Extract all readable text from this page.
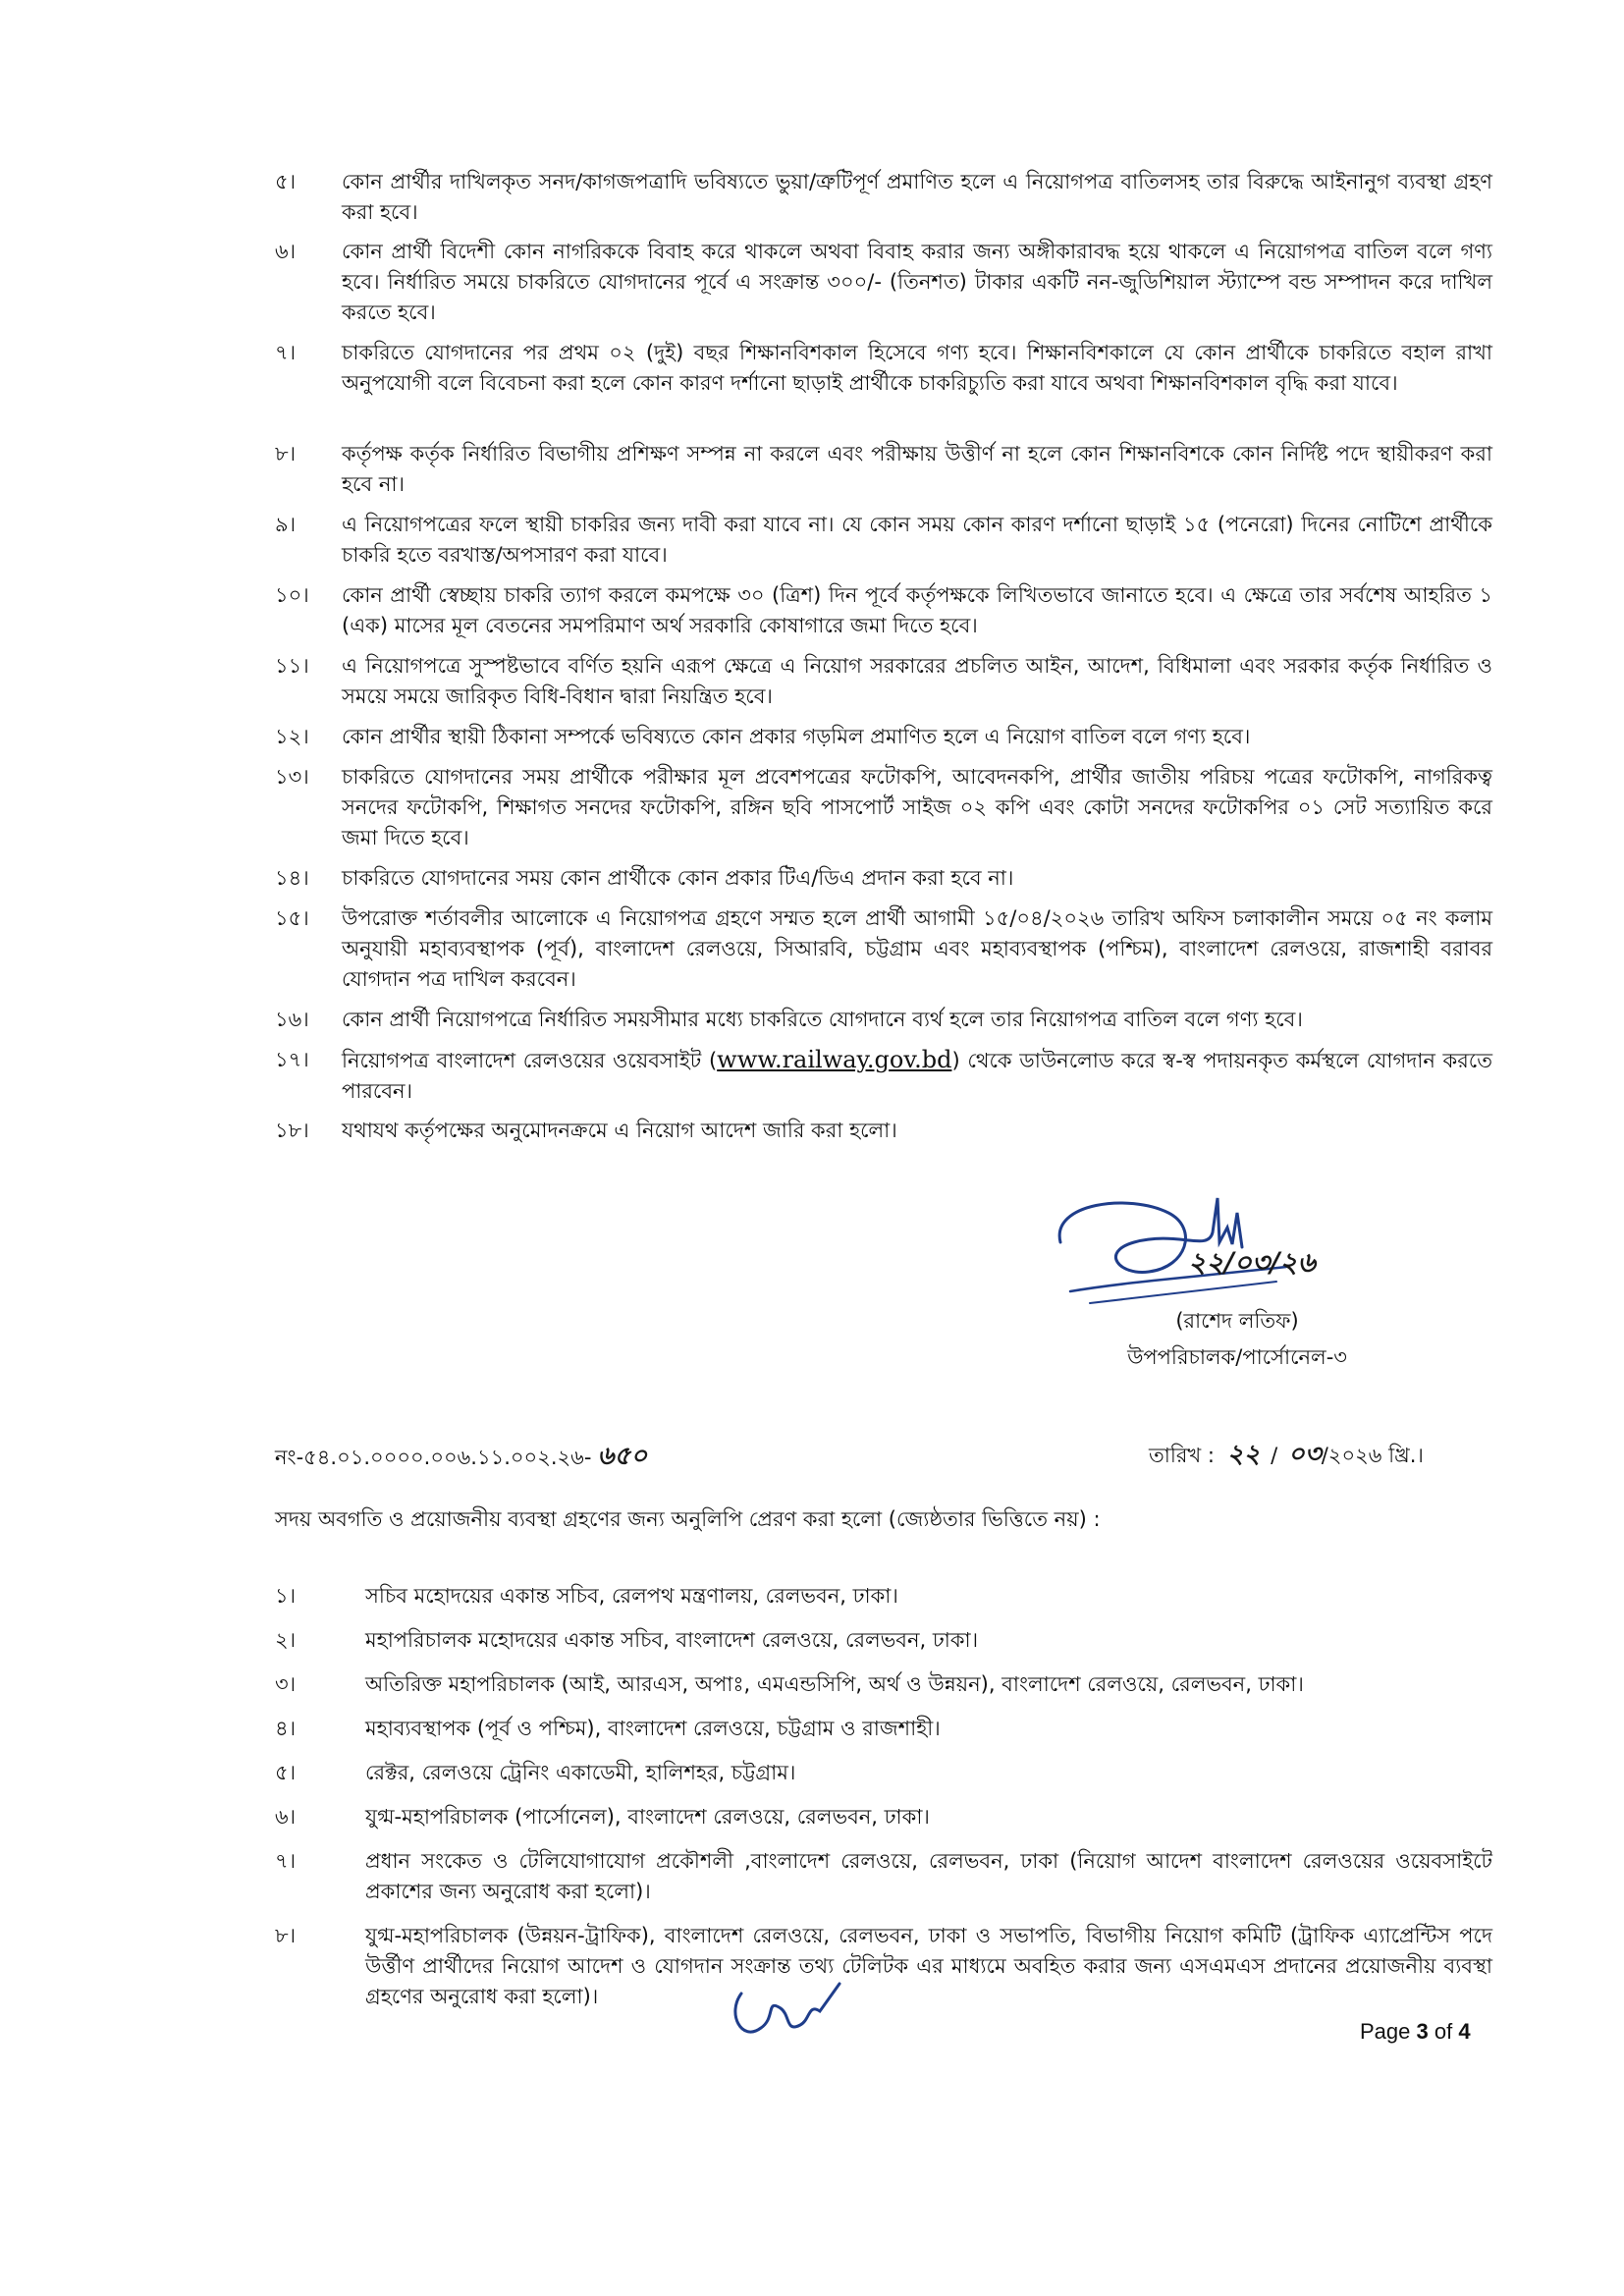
৫। কোন প্রার্থীর দাখিলকৃত সনদ/কাগজপত্রাদি ভবিষ্যতে ভুয়া/ত্রুটিপূর্ণ প্রমাণিত হলে এ নিয়োগপত্র বাতিলসহ তার বিরুদ্ধে আইনানুগ ব্যবস্থা গ্রহণ করা হবে।
৬। কোন প্রার্থী বিদেশী কোন নাগরিককে বিবাহ করে থাকলে অথবা বিবাহ করার জন্য অঙ্গীকারাবদ্ধ হয়ে থাকলে এ নিয়োগপত্র বাতিল বলে গণ্য হবে। নির্ধারিত সময়ে চাকরিতে যোগদানের পূর্বে এ সংক্রান্ত ৩০০/- (তিনশত) টাকার একটি নন-জুডিশিয়াল স্ট্যাম্পে বন্ড সম্পাদন করে দাখিল করতে হবে।
৭। চাকরিতে যোগদানের পর প্রথম ০২ (দুই) বছর শিক্ষানবিশকাল হিসেবে গণ্য হবে। শিক্ষানবিশকালে যে কোন প্রার্থীকে চাকরিতে বহাল রাখা অনুপযোগী বলে বিবেচনা করা হলে কোন কারণ দর্শানো ছাড়াই প্রার্থীকে চাকরিচ্যুতি করা যাবে অথবা শিক্ষানবিশকাল বৃদ্ধি করা যাবে।
৮। কর্তৃপক্ষ কর্তৃক নির্ধারিত বিভাগীয় প্রশিক্ষণ সম্পন্ন না করলে এবং পরীক্ষায় উত্তীর্ণ না হলে কোন শিক্ষানবিশকে কোন নির্দিষ্ট পদে স্থায়ীকরণ করা হবে না।
৯। এ নিয়োগপত্রের ফলে স্থায়ী চাকরির জন্য দাবী করা যাবে না। যে কোন সময় কোন কারণ দর্শানো ছাড়াই ১৫ (পনেরো) দিনের নোটিশে প্রার্থীকে চাকরি হতে বরখাস্ত/অপসারণ করা যাবে।
১০। কোন প্রার্থী স্বেচ্ছায় চাকরি ত্যাগ করলে কমপক্ষে ৩০ (ত্রিশ) দিন পূর্বে কর্তৃপক্ষকে লিখিতভাবে জানাতে হবে। এ ক্ষেত্রে তার সর্বশেষ আহরিত ১ (এক) মাসের মূল বেতনের সমপরিমাণ অর্থ সরকারি কোষাগারে জমা দিতে হবে।
১১। এ নিয়োগপত্রে সুস্পষ্টভাবে বর্ণিত হয়নি এরূপ ক্ষেত্রে এ নিয়োগ সরকারের প্রচলিত আইন, আদেশ, বিধিমালা এবং সরকার কর্তৃক নির্ধারিত ও সময়ে সময়ে জারিকৃত বিধি-বিধান দ্বারা নিয়ন্ত্রিত হবে।
১২। কোন প্রার্থীর স্থায়ী ঠিকানা সম্পর্কে ভবিষ্যতে কোন প্রকার গড়মিল প্রমাণিত হলে এ নিয়োগ বাতিল বলে গণ্য হবে।
১৩। চাকরিতে যোগদানের সময় প্রার্থীকে পরীক্ষার মূল প্রবেশপত্রের ফটোকপি, আবেদনকপি, প্রার্থীর জাতীয় পরিচয় পত্রের ফটোকপি, নাগরিকত্ব সনদের ফটোকপি, শিক্ষাগত সনদের ফটোকপি, রঙ্গিন ছবি পাসপোর্ট সাইজ ০২ কপি এবং কোটা সনদের ফটোকপির ০১ সেট সত্যায়িত করে জমা দিতে হবে।
১৪। চাকরিতে যোগদানের সময় কোন প্রার্থীকে কোন প্রকার টিএ/ডিএ প্রদান করা হবে না।
১৫। উপরোক্ত শর্তাবলীর আলোকে এ নিয়োগপত্র গ্রহণে সম্মত হলে প্রার্থী আগামী ১৫/০৪/২০২৬ তারিখ অফিস চলাকালীন সময়ে ০৫ নং কলাম অনুযায়ী মহাব্যবস্থাপক (পূর্ব), বাংলাদেশ রেলওয়ে, সিআরবি, চট্টগ্রাম এবং মহাব্যবস্থাপক (পশ্চিম), বাংলাদেশ রেলওয়ে, রাজশাহী বরাবর যোগদান পত্র দাখিল করবেন।
১৬। কোন প্রার্থী নিয়োগপত্রে নির্ধারিত সময়সীমার মধ্যে চাকরিতে যোগদানে ব্যর্থ হলে তার নিয়োগপত্র বাতিল বলে গণ্য হবে।
১৭। নিয়োগপত্র বাংলাদেশ রেলওয়ের ওয়েবসাইট (www.railway.gov.bd) থেকে ডাউনলোড করে স্ব-স্ব পদায়নকৃত কর্মস্থলে যোগদান করতে পারবেন।
১৮। যথাযথ কর্তৃপক্ষের অনুমোদনক্রমে এ নিয়োগ আদেশ জারি করা হলো।
২২/০৩/২৬
(রাশেদ লতিফ)
উপপরিচালক/পার্সোনেল-৩
নং-৫৪.০১.০০০০.০০৬.১১.০০২.২৬- ৬৫০	তারিখ : ২২ / ০৩/২০২৬ খ্রি.।
সদয় অবগতি ও প্রয়োজনীয় ব্যবস্থা গ্রহণের জন্য অনুলিপি প্রেরণ করা হলো (জ্যেষ্ঠতার ভিত্তিতে নয়) :
১।	সচিব মহোদয়ের একান্ত সচিব, রেলপথ মন্ত্রণালয়, রেলভবন, ঢাকা।
২।	মহাপরিচালক মহোদয়ের একান্ত সচিব, বাংলাদেশ রেলওয়ে, রেলভবন, ঢাকা।
৩।	অতিরিক্ত মহাপরিচালক (আই, আরএস, অপাঃ, এমএন্ডসিপি, অর্থ ও উন্নয়ন), বাংলাদেশ রেলওয়ে, রেলভবন, ঢাকা।
৪।	মহাব্যবস্থাপক (পূর্ব ও পশ্চিম), বাংলাদেশ রেলওয়ে, চট্টগ্রাম ও রাজশাহী।
৫।	রেক্টর, রেলওয়ে ট্রেনিং একাডেমী, হালিশহর, চট্টগ্রাম।
৬।	যুগ্ম-মহাপরিচালক (পার্সোনেল), বাংলাদেশ রেলওয়ে, রেলভবন, ঢাকা।
৭।	প্রধান সংকেত ও টেলিযোগাযোগ প্রকৌশলী ,বাংলাদেশ রেলওয়ে, রেলভবন, ঢাকা (নিয়োগ আদেশ বাংলাদেশ রেলওয়ের ওয়েবসাইটে প্রকাশের জন্য অনুরোধ করা হলো)।
৮।	যুগ্ম-মহাপরিচালক (উন্নয়ন-ট্রাফিক), বাংলাদেশ রেলওয়ে, রেলভবন, ঢাকা ও সভাপতি, বিভাগীয় নিয়োগ কমিটি (ট্রাফিক এ্যাপ্রেন্টিস পদে উর্ত্তীণ প্রার্থীদের নিয়োগ আদেশ ও যোগদান সংক্রান্ত তথ্য টেলিটক এর মাধ্যমে অবহিত করার জন্য এসএমএস প্রদানের প্রয়োজনীয় ব্যবস্থা গ্রহণের অনুরোধ করা হলো)।
Page 3 of 4
